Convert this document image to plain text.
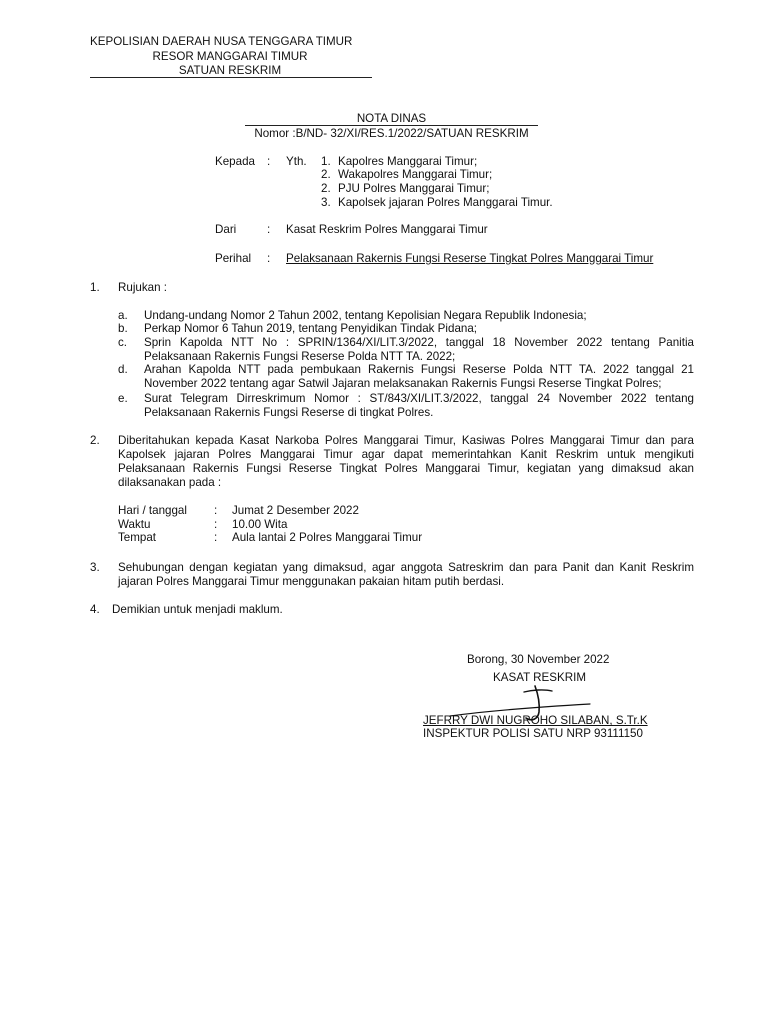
KEPOLISIAN DAERAH NUSA TENGGARA TIMUR
RESOR MANGGARAI TIMUR
SATUAN RESKRIM
NOTA DINAS
Nomor :B/ND- 32/XI/RES.1/2022/SATUAN RESKRIM
Kepada : Yth. 1. Kapolres Manggarai Timur;
2. Wakapolres Manggarai Timur;
2. PJU Polres Manggarai Timur;
3. Kapolsek jajaran Polres Manggarai Timur.
Dari	: Kasat Reskrim Polres Manggarai Timur
Perihal : Pelaksanaan Rakernis Fungsi Reserse Tingkat Polres Manggarai Timur
1. Rujukan :
a. Undang-undang Nomor 2 Tahun 2002, tentang Kepolisian Negara Republik Indonesia;
b. Perkap Nomor 6 Tahun 2019, tentang Penyidikan Tindak Pidana;
c. Sprin Kapolda NTT No : SPRIN/1364/XI/LIT.3/2022, tanggal 18 November 2022 tentang Panitia
Pelaksanaan Rakernis Fungsi Reserse Polda NTT TA. 2022;
d. Arahan Kapolda NTT pada pembukaan Rakernis Fungsi Reserse Polda NTT TA. 2022 tanggal 21
November 2022 tentang agar Satwil Jajaran melaksanakan Rakernis Fungsi Reserse Tingkat Polres;
e. Surat Telegram Dirreskrimum Nomor : ST/843/XI/LIT.3/2022, tanggal 24 November 2022 tentang
Pelaksanaan Rakernis Fungsi Reserse di tingkat Polres.
2. Diberitahukan kepada Kasat Narkoba Polres Manggarai Timur, Kasiwas Polres Manggarai Timur dan para
Kapolsek jajaran Polres Manggarai Timur agar dapat memerintahkan Kanit Reskrim untuk mengikuti
Pelaksanaan Rakernis Fungsi Reserse Tingkat Polres Manggarai Timur, kegiatan yang dimaksud akan
dilaksanakan pada :
Hari / tanggal : Jumat 2 Desember 2022
Waktu	: 10.00 Wita
Tempat	: Aula lantai 2 Polres Manggarai Timur
3. Sehubungan dengan kegiatan yang dimaksud, agar anggota Satreskrim dan para Panit dan Kanit Reskrim
jajaran Polres Manggarai Timur menggunakan pakaian hitam putih berdasi.
4. Demikian untuk menjadi maklum.
Borong, 30 November 2022
KASAT RESKRIM
JEFRRY DWI NUGROHO SILABAN, S.Tr.K
INSPEKTUR POLISI SATU NRP 93111150
